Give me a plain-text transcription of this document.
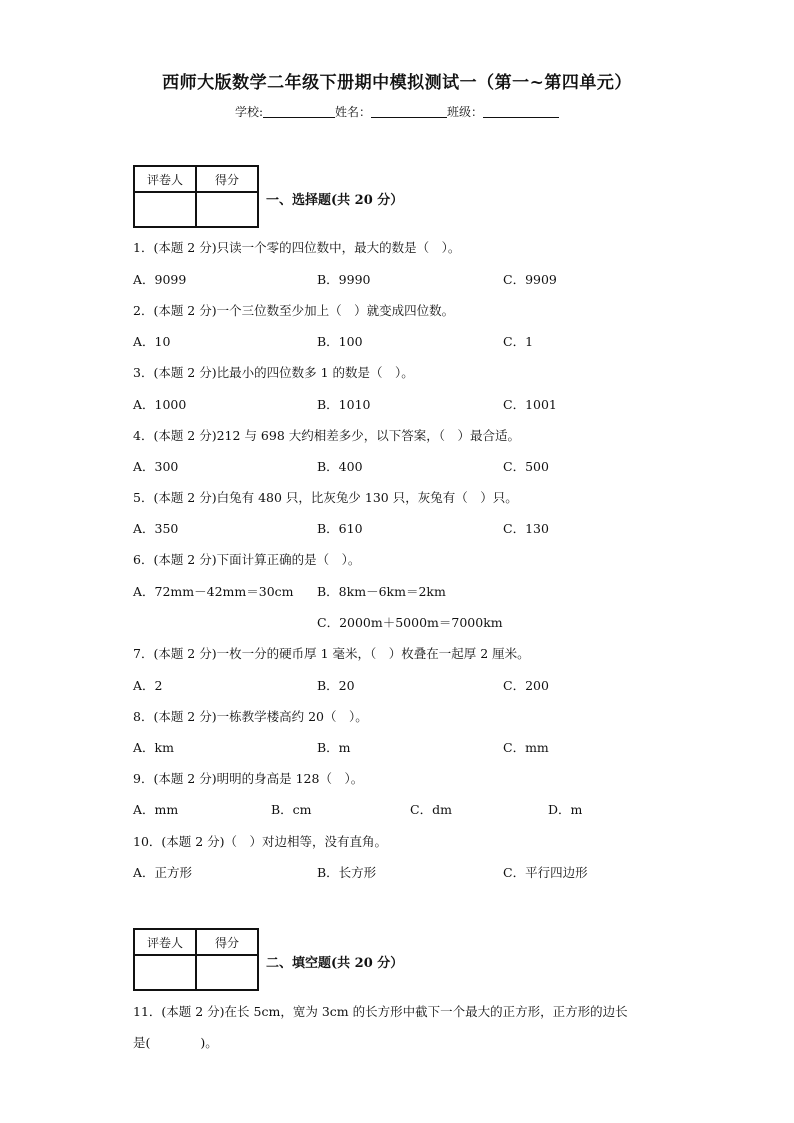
西师大版数学二年级下册期中模拟测试一（第一~第四单元）
学校:	姓名：	班级：
评卷人	得分

一、选择题(共 20 分）
1．(本题 2 分)只读一个零的四位数中，最大的数是（　）。
A．9099	B．9990	C．9909
2．(本题 2 分)一个三位数至少加上（　）就变成四位数。
A．10	B．100	C．1
3．(本题 2 分)比最小的四位数多 1 的数是（　）。
A．1000	B．1010	C．1001
4．(本题 2 分)212 与 698 大约相差多少，以下答案，（　）最合适。
A．300	B．400	C．500
5．(本题 2 分)白兔有 480 只，比灰兔少 130 只，灰兔有（　）只。
A．350	B．610	C．130
6．(本题 2 分)下面计算正确的是（　）。
A．72mm－42mm＝30cm B．8km－6km＝2km
C．2000m＋5000m＝7000km
7．(本题 2 分)一枚一分的硬币厚 1 毫米，（　）枚叠在一起厚 2 厘米。
A．2	B．20	C．200
8．(本题 2 分)一栋教学楼高约 20（　）。
A．km	B．m	C．mm
9．(本题 2 分)明明的身高是 128（　）。
A．mm	B．cm	C．dm	D．m
10．(本题 2 分)（　）对边相等，没有直角。
A．正方形	B．长方形	C．平行四边形
评卷人	得分

二、填空题(共 20 分）
11．(本题 2 分)在长 5cm，宽为 3cm 的长方形中截下一个最大的正方形，正方形的边长
是(　　　　)。
